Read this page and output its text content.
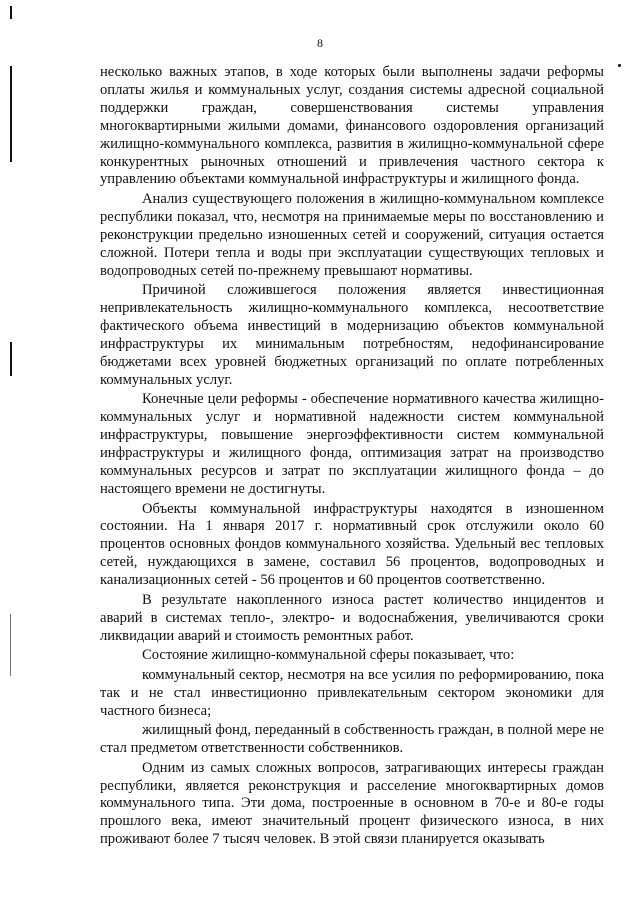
8

несколько важных этапов, в ходе которых были выполнены задачи реформы оплаты жилья и коммунальных услуг, создания системы адресной социальной поддержки граждан, совершенствования системы управления многоквартирными жилыми домами, финансового оздоровления организаций жилищно-коммунального комплекса, развития в жилищно-коммунальной сфере конкурентных рыночных отношений и привлечения частного сектора к управлению объектами коммунальной инфраструктуры и жилищного фонда.

Анализ существующего положения в жилищно-коммунальном комплексе республики показал, что, несмотря на принимаемые меры по восстановлению и реконструкции предельно изношенных сетей и сооружений, ситуация остается сложной. Потери тепла и воды при эксплуатации существующих тепловых и водопроводных сетей по-прежнему превышают нормативы.

Причиной сложившегося положения является инвестиционная непривлекательность жилищно-коммунального комплекса, несоответствие фактического объема инвестиций в модернизацию объектов коммунальной инфраструктуры их минимальным потребностям, недофинансирование бюджетами всех уровней бюджетных организаций по оплате потребленных коммунальных услуг.

Конечные цели реформы - обеспечение нормативного качества жилищно-коммунальных услуг и нормативной надежности систем коммунальной инфраструктуры, повышение энергоэффективности систем коммунальной инфраструктуры и жилищного фонда, оптимизация затрат на производство коммунальных ресурсов и затрат по эксплуатации жилищного фонда – до настоящего времени не достигнуты.

Объекты коммунальной инфраструктуры находятся в изношенном состоянии. На 1 января 2017 г. нормативный срок отслужили около 60 процентов основных фондов коммунального хозяйства. Удельный вес тепловых сетей, нуждающихся в замене, составил 56 процентов, водопроводных и канализационных сетей - 56 процентов и 60 процентов соответственно.

В результате накопленного износа растет количество инцидентов и аварий в системах тепло-, электро- и водоснабжения, увеличиваются сроки ликвидации аварий и стоимость ремонтных работ.

Состояние жилищно-коммунальной сферы показывает, что:

коммунальный сектор, несмотря на все усилия по реформированию, пока так и не стал инвестиционно привлекательным сектором экономики для частного бизнеса;

жилищный фонд, переданный в собственность граждан, в полной мере не стал предметом ответственности собственников.

Одним из самых сложных вопросов, затрагивающих интересы граждан республики, является реконструкция и расселение многоквартирных домов коммунального типа. Эти дома, построенные в основном в 70-е и 80-е годы прошлого века, имеют значительный процент физического износа, в них проживают более 7 тысяч человек. В этой связи планируется оказывать
